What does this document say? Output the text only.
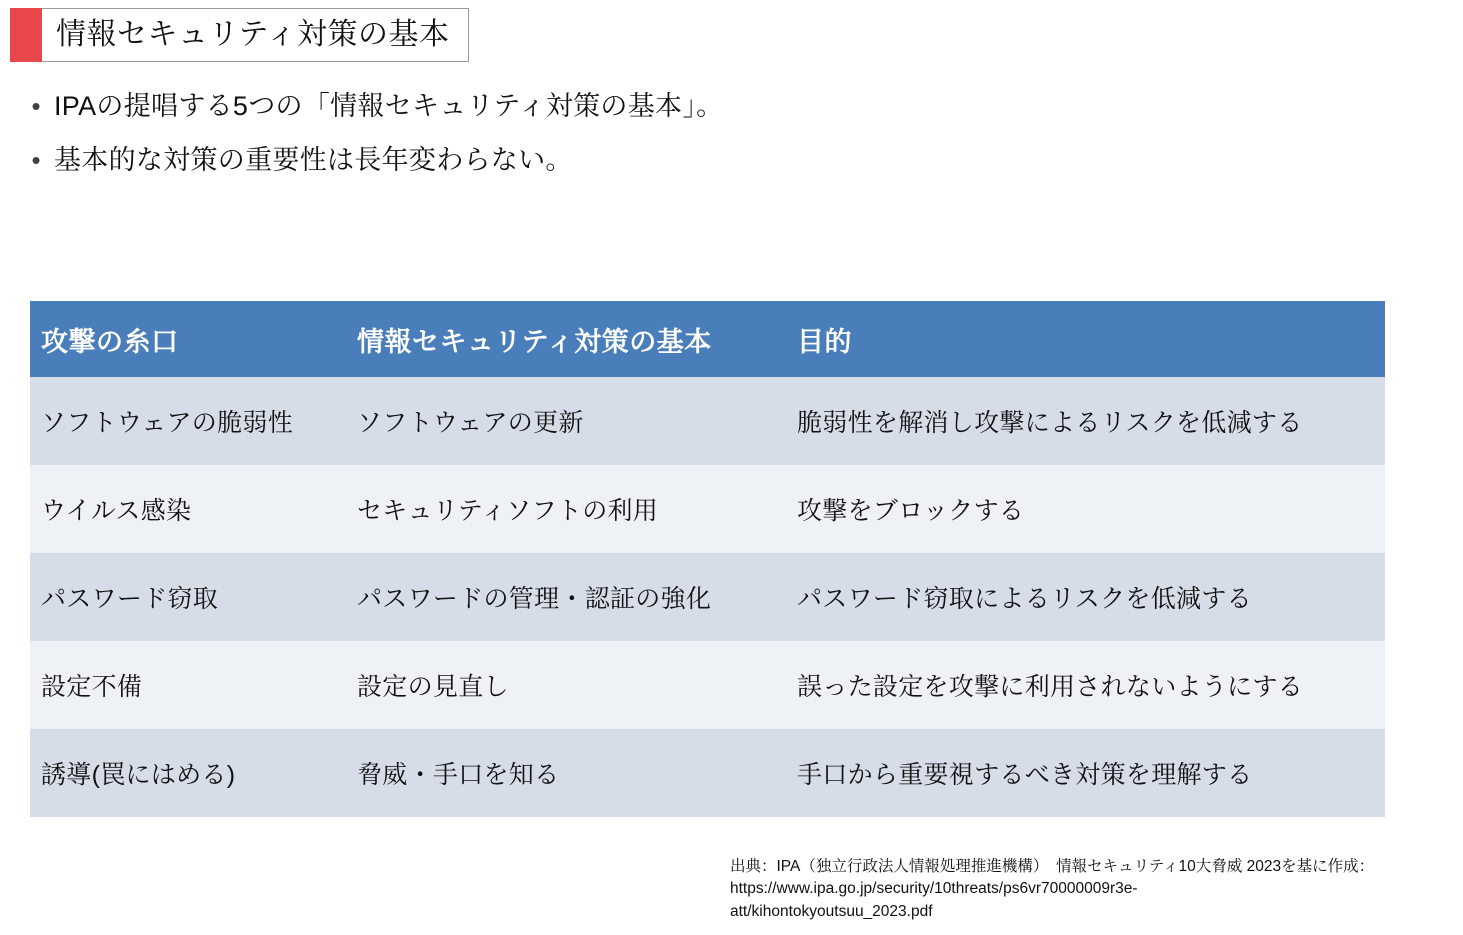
情報セキュリティ対策の基本
• IPAの提唱する5つの「情報セキュリティ対策の基本」。
• 基本的な対策の重要性は長年変わらない。
攻撃の糸口	情報セキュリティ対策の基本	目的
ソフトウェアの脆弱性	ソフトウェアの更新	脆弱性を解消し攻撃によるリスクを低減する
ウイルス感染	セキュリティソフトの利用	攻撃をブロックする
パスワード窃取	パスワードの管理・認証の強化	パスワード窃取によるリスクを低減する
設定不備	設定の見直し	誤った設定を攻撃に利用されないようにする
誘導(罠にはめる)	脅威・手口を知る	手口から重要視するべき対策を理解する
出典：IPA（独立行政法人情報処理推進機構）　情報セキュリティ10大脅威 2023を基に作成：
https://www.ipa.go.jp/security/10threats/ps6vr70000009r3e-
att/kihontokyoutsuu_2023.pdf
